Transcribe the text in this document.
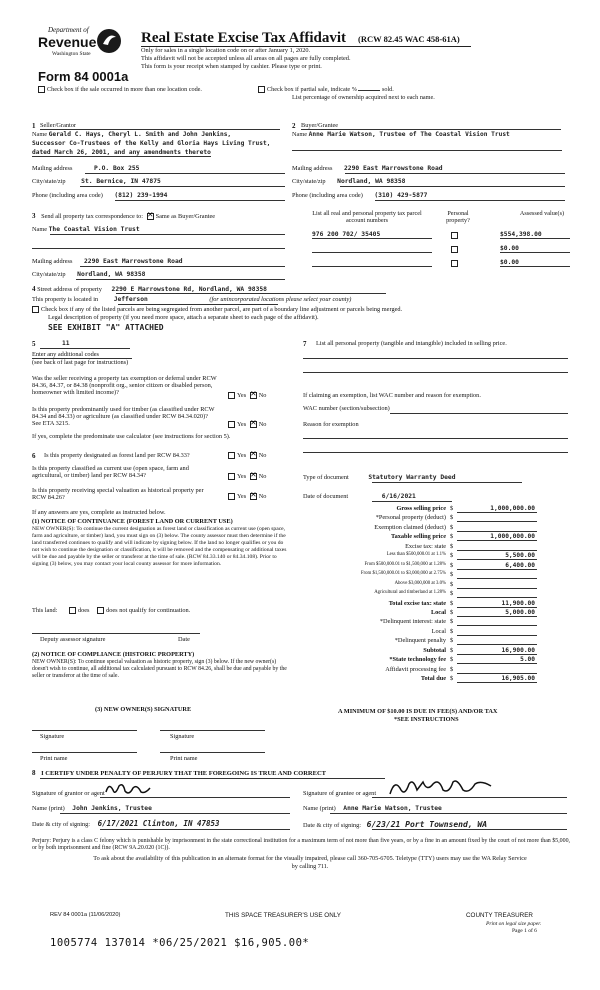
Department of
Revenue
Washington State
Form 84 0001a
Real Estate Excise Tax Affidavit (RCW 82.45 WAC 458-61A)
Only for sales in a single location code on or after January 1, 2020.
This affidavit will not be accepted unless all areas on all pages are fully completed.
This form is your receipt when stamped by cashier. Please type or print.
Check box if the sale occurred in more than one location code.	Check box if partial sale, indicate %	sold.
List percentage of ownership acquired next to each name.
1 Seller/Grantor
Name Gerald C. Hays, Cheryl L. Smith and John Jenkins,
Successor Co-Trustees of the Kelly and Gloria Hays Living Trust,
dated March 26, 2001, and any amendments thereto
Mailing address	P.O. Box 255
City/state/zip St. Bernice, IN 47875
Phone (including area code) (812) 239-1994
2 Buyer/Grantee
Name Anne Marie Watson, Trustee of The Coastal Vision Trust
Mailing address 2290 East Marrowstone Road
City/state/zip Nordland, WA 98358
Phone (including area code) (310) 429-5877
3 Send all property tax correspondence to: ✕ Same as Buyer/Grantee
Name The Coastal Vision Trust
Mailing address 2290 East Marrowstone Road
City/state/zip Nordland, WA 98358
List all real and personal property tax parcel account numbers
Personal property?
Assessed value(s)
976 200 702/ 35405	$554,398.00
$0.00
$0.00
4 Street address of property 2290 E Marrowstone Rd, Nordland, WA 98358
This property is located in Jefferson	(for unincorporated locations please select your county)
Check box if any of the listed parcels are being segregated from another parcel, are part of a boundary line adjustment or parcels being merged.
Legal description of property (if you need more space, attach a separate sheet to each page of the affidavit).
SEE EXHIBIT "A" ATTACHED
5	11
Enter any additional codes
(see back of last page for instructions)
Was the seller receiving a property tax exemption or deferral under RCW 84.36, 84.37, or 84.38 (nonprofit org., senior citizen or disabled person, homeowner with limited income)?	Yes ✕ No
Is this property predominantly used for timber (as classified under RCW 84.34 and 84.33) or agriculture (as classified under RCW 84.34.020)? See ETA 3215.	Yes ✕ No
If yes, complete the predominate use calculator (see instructions for section 5).
6 Is this property designated as forest land per RCW 84.33?	Yes ✕ No
Is this property classified as current use (open space, farm and agricultural, or timber) land per RCW 84.34?	Yes ✕ No
Is this property receiving special valuation as historical property per RCW 84.26?	Yes ✕ No
If any answers are yes, complete as instructed below.
(1) NOTICE OF CONTINUANCE (FOREST LAND OR CURRENT USE)
NEW OWNER(S): To continue the current designation as forest land or classification as current use (open space, farm and agriculture, or timber) land, you must sign on (3) below. The county assessor must then determine if the land transferred continues to qualify and will indicate by signing below. If the land no longer qualifies or you do not wish to continue the designation or classification, it will be removed and the compensating or additional taxes will be due and payable by the seller or transferor at the time of sale. (RCW 84.33.140 or 84.34.108). Prior to signing (3) below, you may contact your local county assessor for more information.
This land:	does	does not qualify for continuation.
Deputy assessor signature	Date
(2) NOTICE OF COMPLIANCE (HISTORIC PROPERTY)
NEW OWNER(S): To continue special valuation as historic property, sign (3) below. If the new owner(s) doesn't wish to continue, all additional tax calculated pursuant to RCW 84.26, shall be due and payable by the seller or transferor at the time of sale.
(3) NEW OWNER(S) SIGNATURE
Signature	Signature
Print name	Print name
7 List all personal property (tangible and intangible) included in selling price.
If claiming an exemption, list WAC number and reason for exemption.
WAC number (section/subsection)
Reason for exemption
Type of document	Statutory Warranty Deed
Date of document	6/16/2021
Gross selling price $	1,000,000.00
*Personal property (deduct) $
Exemption claimed (deduct) $
Taxable selling price $	1,000,000.00
Excise tax: state $
Less than $500,000.01 at 1.1% $	5,500.00
From $500,000.01 to $1,500,000 at 1.28% $	6,400.00
From $1,500,000.01 to $3,000,000 at 2.75% $
Above $3,000,000 at 3.0% $
Agricultural and timberland at 1.28% $
Total excise tax: state $	11,900.00
Local $	5,000.00
*Delinquent interest: state $
Local $
*Delinquent penalty $
Subtotal $	16,900.00
*State technology fee $	5.00
Affidavit processing fee $
Total due $	16,905.00
A MINIMUM OF $10.00 IS DUE IN FEE(S) AND/OR TAX
*SEE INSTRUCTIONS
8 I CERTIFY UNDER PENALTY OF PERJURY THAT THE FOREGOING IS TRUE AND CORRECT
Signature of grantor or agent
Name (print) John Jenkins, Trustee
Date & city of signing: 6/17/2021 Clinton, IN 47853
Signature of grantee or agent
Name (print) Anne Marie Watson, Trustee
Date & city of signing: 6/23/21 Port Townsend, WA
Perjury: Perjury is a class C felony which is punishable by imprisonment in the state correctional institution for a maximum term of not more than five years, or by a fine in an amount fixed by the court of not more than $5,000, or by both imprisonment and fine (RCW 9A.20.020 (1C)).
To ask about the availability of this publication in an alternate format for the visually impaired, please call 360-705-6705. Teletype (TTY) users may use the WA Relay Service by calling 711.
REV 84 0001a (11/06/2020)	THIS SPACE TREASURER'S USE ONLY	COUNTY TREASURER
Print on legal size paper.
Page 1 of 6
1005774 137014 *06/25/2021 $16,905.00*
